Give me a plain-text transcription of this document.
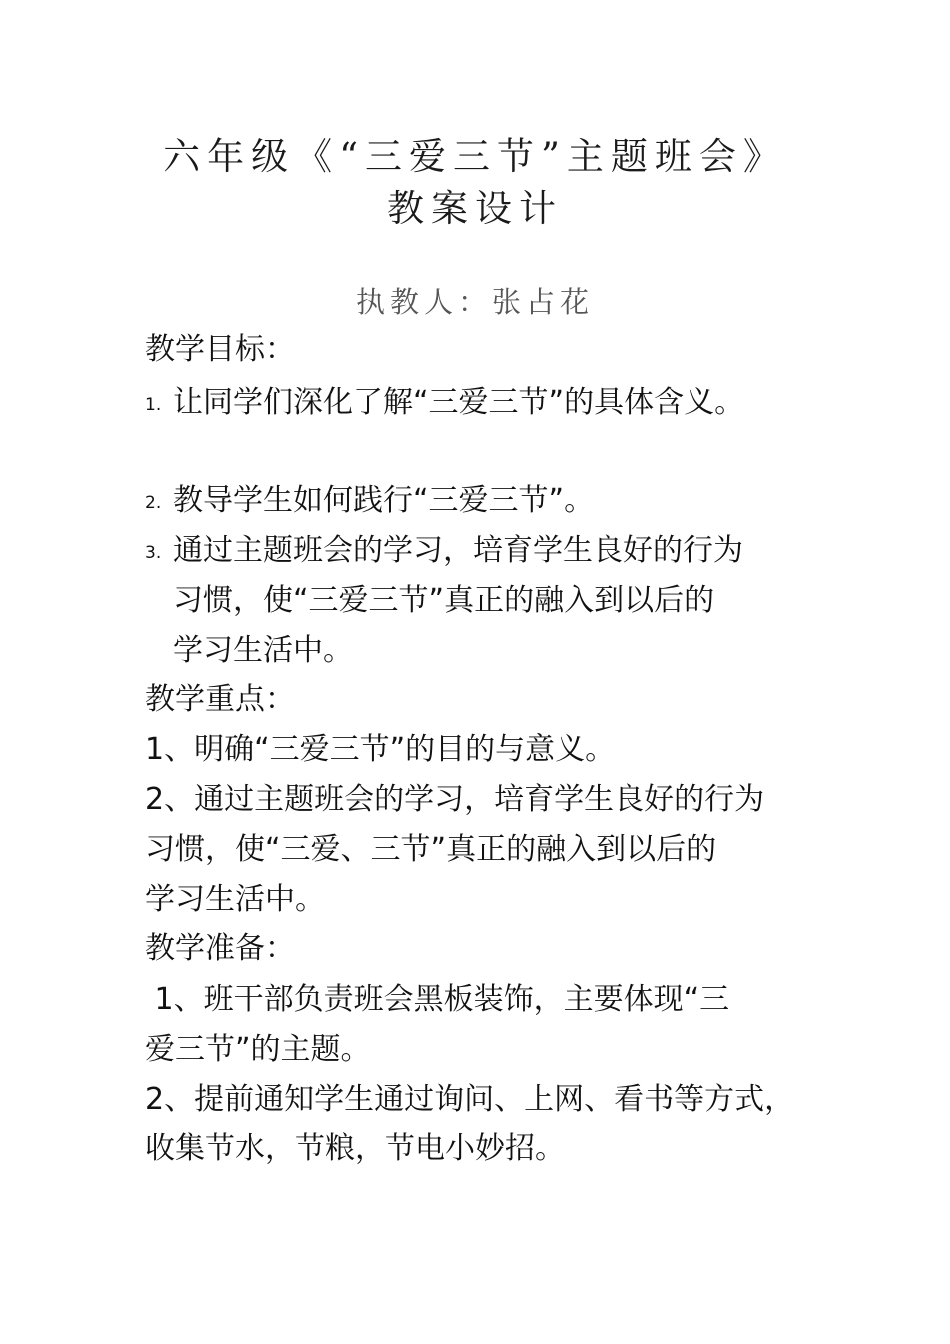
六年级《“三爱三节”主题班会》
教案设计
执教人：张占花
教学目标：
1. 让同学们深化了解“三爱三节”的具体含义。
2. 教导学生如何践行“三爱三节”。
3. 通过主题班会的学习，培育学生良好的行为
习惯，使“三爱三节”真正的融入到以后的
学习生活中。
教学重点：
1、明确“三爱三节”的目的与意义。
2、通过主题班会的学习，培育学生良好的行为
习惯，使“三爱、三节”真正的融入到以后的
学习生活中。
教学准备：
1、班干部负责班会黑板装饰，主要体现“三
爱三节”的主题。
2、提前通知学生通过询问、上网、看书等方式，
收集节水，节粮，节电小妙招。
